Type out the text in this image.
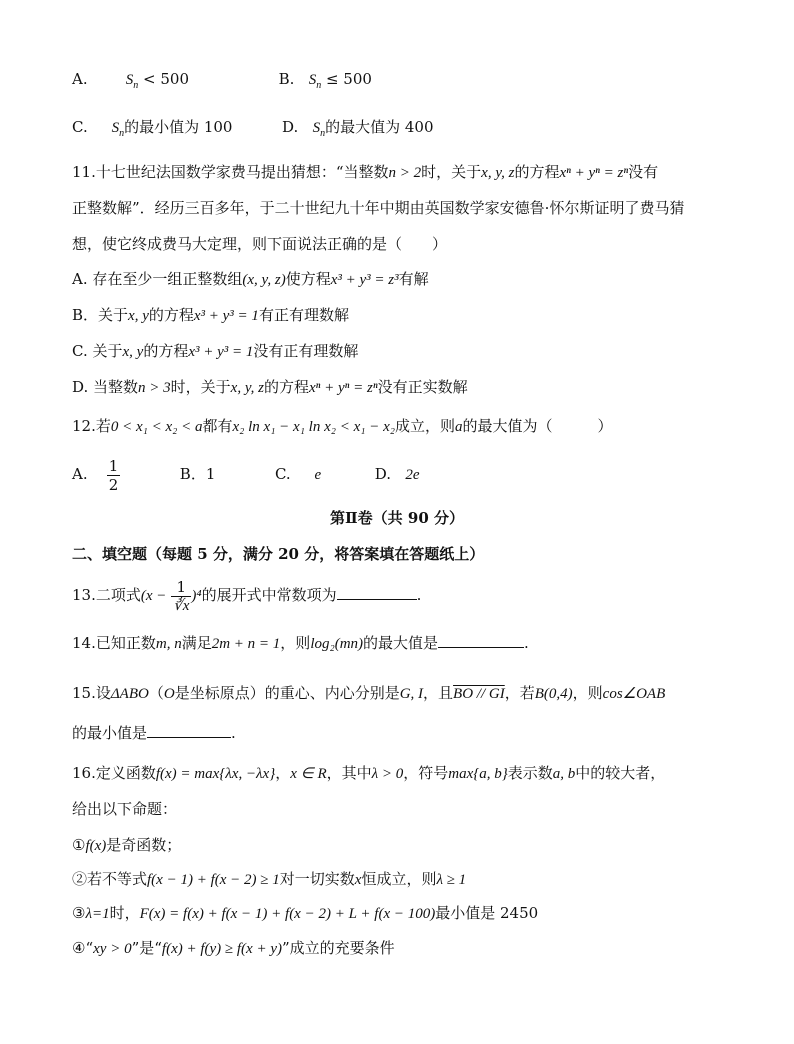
A.	$S_n < 500$	B. $S_n \le 500$
C. $S_n$的最小值为 100	D. $S_n$的最大值为 400
11.十七世纪法国数学家费马提出猜想：“当整数n > 2时，关于x, y, z的方程xⁿ + yⁿ = zⁿ没有
正整数解”．经历三百多年，于二十世纪九十年中期由英国数学家安德鲁·怀尔斯证明了费马猜
想，使它终成费马大定理，则下面说法正确的是（　　）
A. 存在至少一组正整数组(x, y, z)使方程x³ + y³ = z³有解
B．关于x, y的方程x³ + y³ = 1有正有理数解
C. 关于x, y的方程x³ + y³ = 1没有正有理数解
D. 当整数n > 3时，关于x, y, z的方程xⁿ + yⁿ = zⁿ没有正实数解
12.若0 < x₁ < x₂ < a都有x₂ ln x₁ − x₁ ln x₂ < x₁ − x₂成立，则a的最大值为（　　　）
A. $\frac{1}{2}$	B．1	C. e	D. 2e
第Ⅱ卷（共 90 分）
二、填空题（每题 5 分，满分 20 分，将答案填在答题纸上）
13.二项式$(x - \frac{1}{∛x} )^4$的展开式中常数项为	.
14.已知正数m, n满足2m + n = 1，则log₂(mn)的最大值是	.
15.设ΔABO（O是坐标原点）的重心、内心分别是G, I，且BO // GI，若B(0,4)，则cos∠OAB
的最小值是	.
16.定义函数f(x) = max{λx, −λx}，x ∈ R，其中λ > 0，符号max{a, b}表示数a, b中的较大者，
给出以下命题：
①f(x)是奇函数；
②若不等式f(x − 1) + f(x − 2) ≥ 1对一切实数x恒成立，则λ ≥ 1
③λ=1时，F(x) = f(x) + f(x − 1) + f(x − 2) + L + f(x − 100)最小值是 2450
④“xy > 0”是“f(x) + f(y) ≥ f(x + y)”成立的充要条件
